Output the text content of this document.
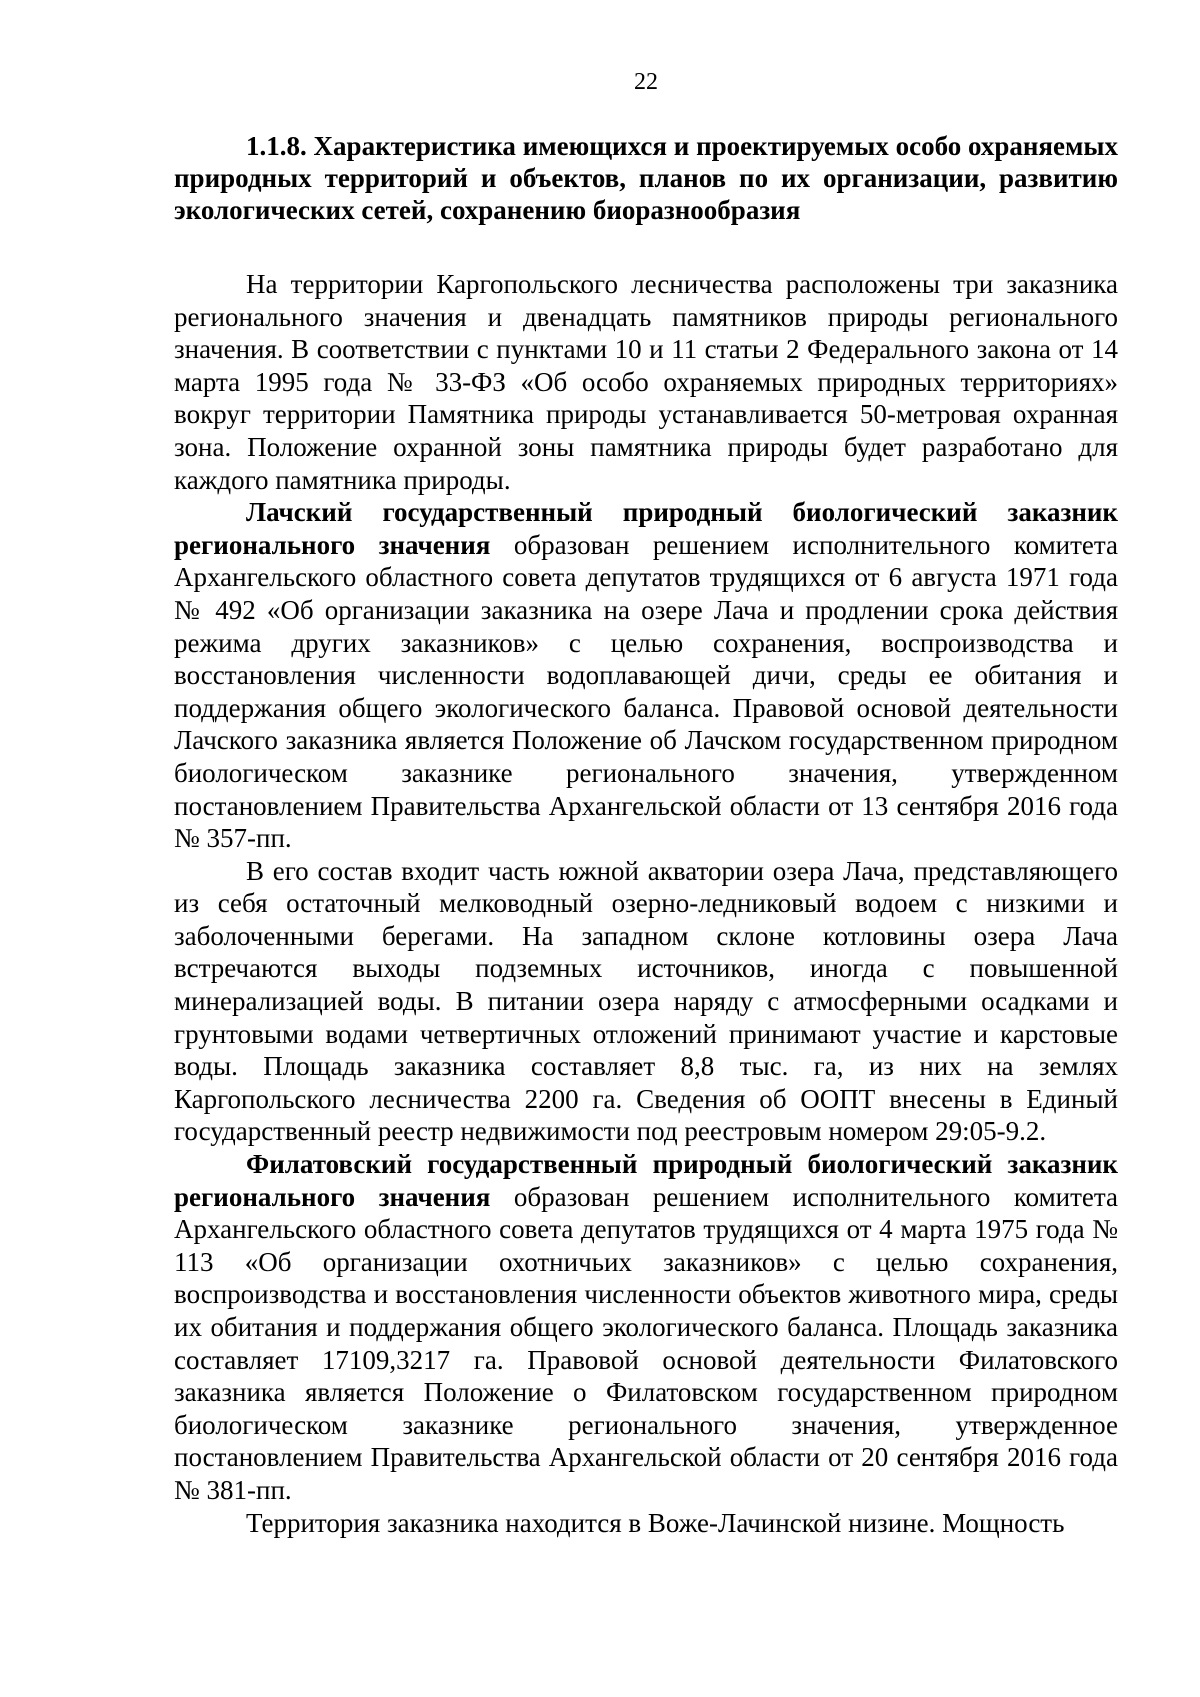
22
1.1.8. Характеристика имеющихся и проектируемых особо охраняемых природных территорий и объектов, планов по их организации, развитию экологических сетей, сохранению биоразнообразия

На территории Каргопольского лесничества расположены три заказника регионального значения и двенадцать памятников природы регионального значения. В соответствии с пунктами 10 и 11 статьи 2 Федерального закона от 14 марта 1995 года № 33-ФЗ «Об особо охраняемых природных территориях» вокруг территории Памятника природы устанавливается 50-метровая охранная зона. Положение охранной зоны памятника природы будет разработано для каждого памятника природы.

Лачский государственный природный биологический заказник регионального значения образован решением исполнительного комитета Архангельского областного совета депутатов трудящихся от 6 августа 1971 года № 492 «Об организации заказника на озере Лача и продлении срока действия режима других заказников» с целью сохранения, воспроизводства и восстановления численности водоплавающей дичи, среды ее обитания и поддержания общего экологического баланса. Правовой основой деятельности Лачского заказника является Положение об Лачском государственном природном биологическом заказнике регионального значения, утвержденном постановлением Правительства Архангельской области от 13 сентября 2016 года № 357-пп.

В его состав входит часть южной акватории озера Лача, представляющего из себя остаточный мелководный озерно-ледниковый водоем с низкими и заболоченными берегами. На западном склоне котловины озера Лача встречаются выходы подземных источников, иногда с повышенной минерализацией воды. В питании озера наряду с атмосферными осадками и грунтовыми водами четвертичных отложений принимают участие и карстовые воды. Площадь заказника составляет 8,8 тыс. га, из них на землях Каргопольского лесничества 2200 га. Сведения об ООПТ внесены в Единый государственный реестр недвижимости под реестровым номером 29:05-9.2.

Филатовский государственный природный биологический заказник регионального значения образован решением исполнительного комитета Архангельского областного совета депутатов трудящихся от 4 марта 1975 года № 113 «Об организации охотничьих заказников» с целью сохранения, воспроизводства и восстановления численности объектов животного мира, среды их обитания и поддержания общего экологического баланса. Площадь заказника составляет 17109,3217 га. Правовой основой деятельности Филатовского заказника является Положение о Филатовском государственном природном биологическом заказнике регионального значения, утвержденное постановлением Правительства Архангельской области от 20 сентября 2016 года № 381-пп.

Территория заказника находится в Воже-Лачинской низине. Мощность
